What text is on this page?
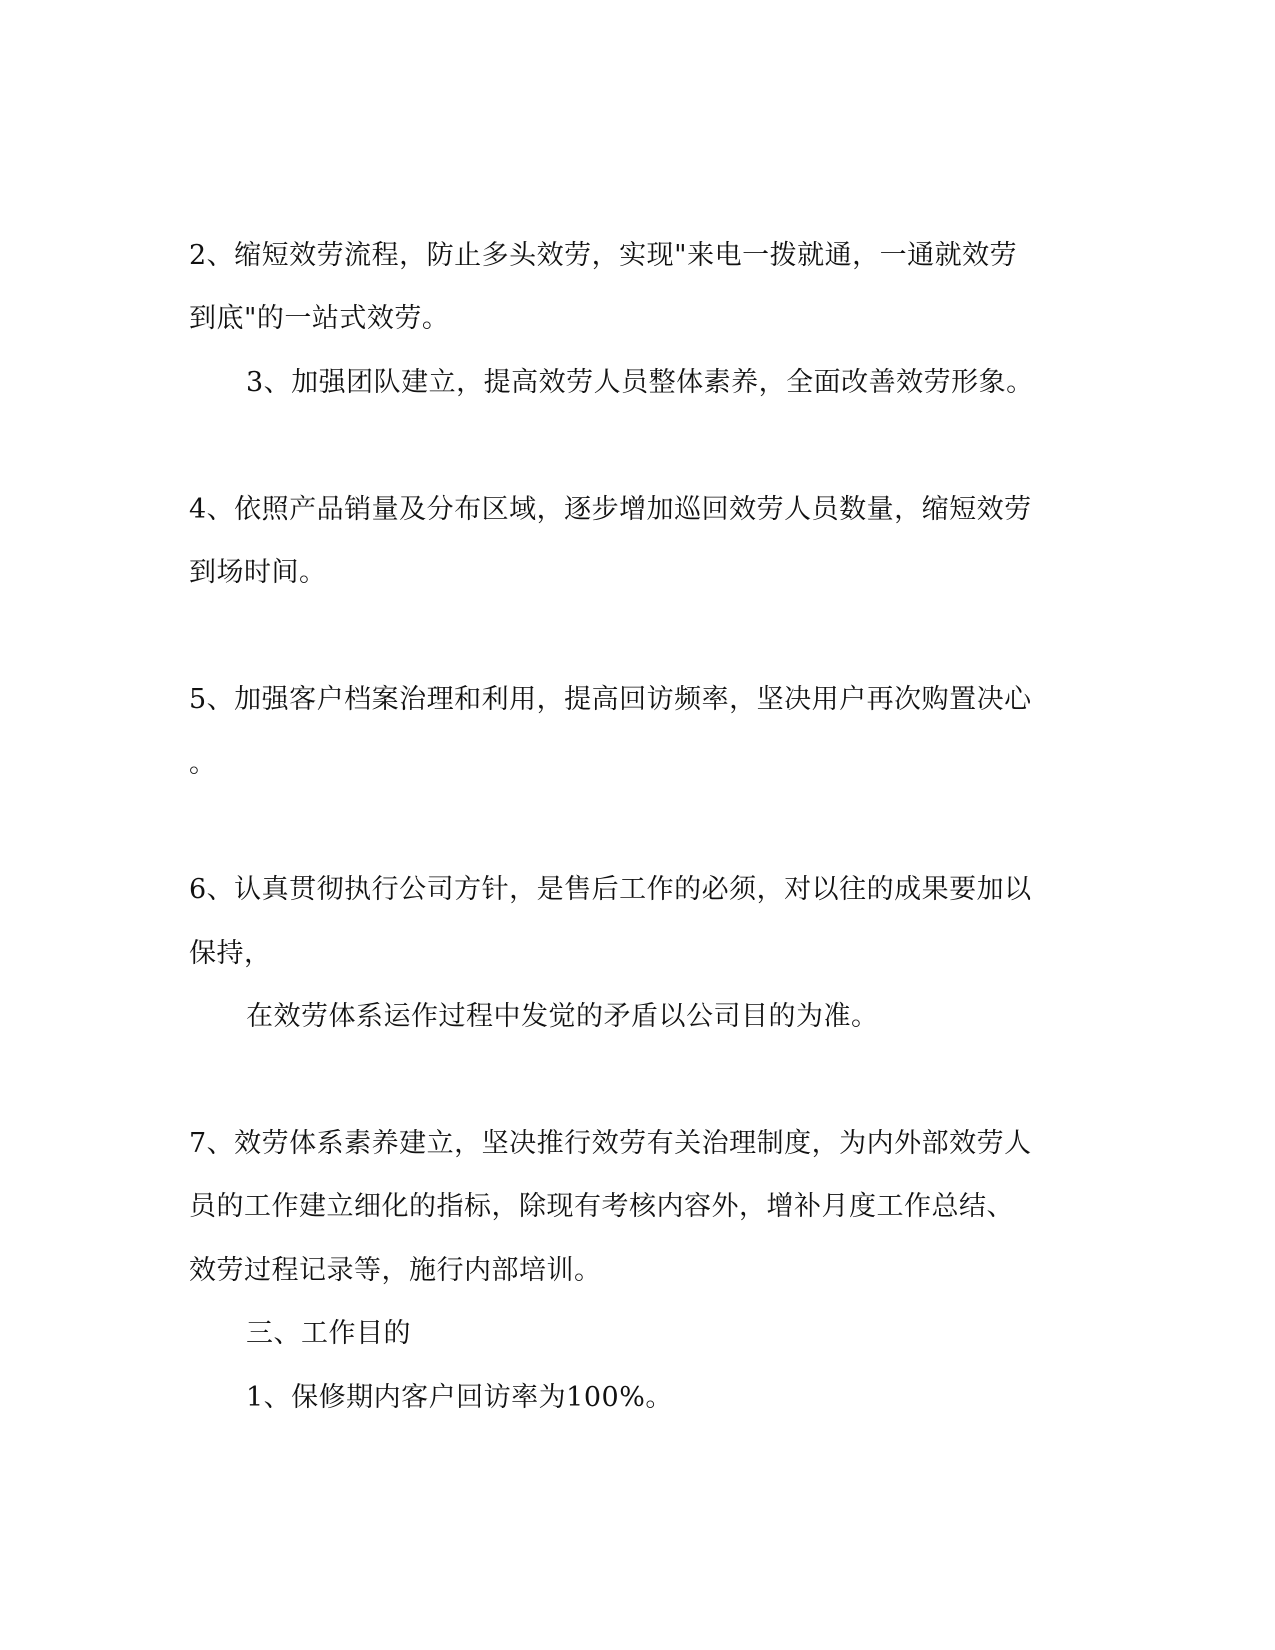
2、缩短效劳流程，防止多头效劳，实现"来电一拨就通，一通就效劳
到底"的一站式效劳。
3、加强团队建立，提高效劳人员整体素养，全面改善效劳形象。
4、依照产品销量及分布区域，逐步增加巡回效劳人员数量，缩短效劳
到场时间。
5、加强客户档案治理和利用，提高回访频率，坚决用户再次购置决心
。
6、认真贯彻执行公司方针，是售后工作的必须，对以往的成果要加以
保持，
在效劳体系运作过程中发觉的矛盾以公司目的为准。
7、效劳体系素养建立，坚决推行效劳有关治理制度，为内外部效劳人
员的工作建立细化的指标，除现有考核内容外，增补月度工作总结、
效劳过程记录等，施行内部培训。
三、工作目的
1、保修期内客户回访率为100%。
